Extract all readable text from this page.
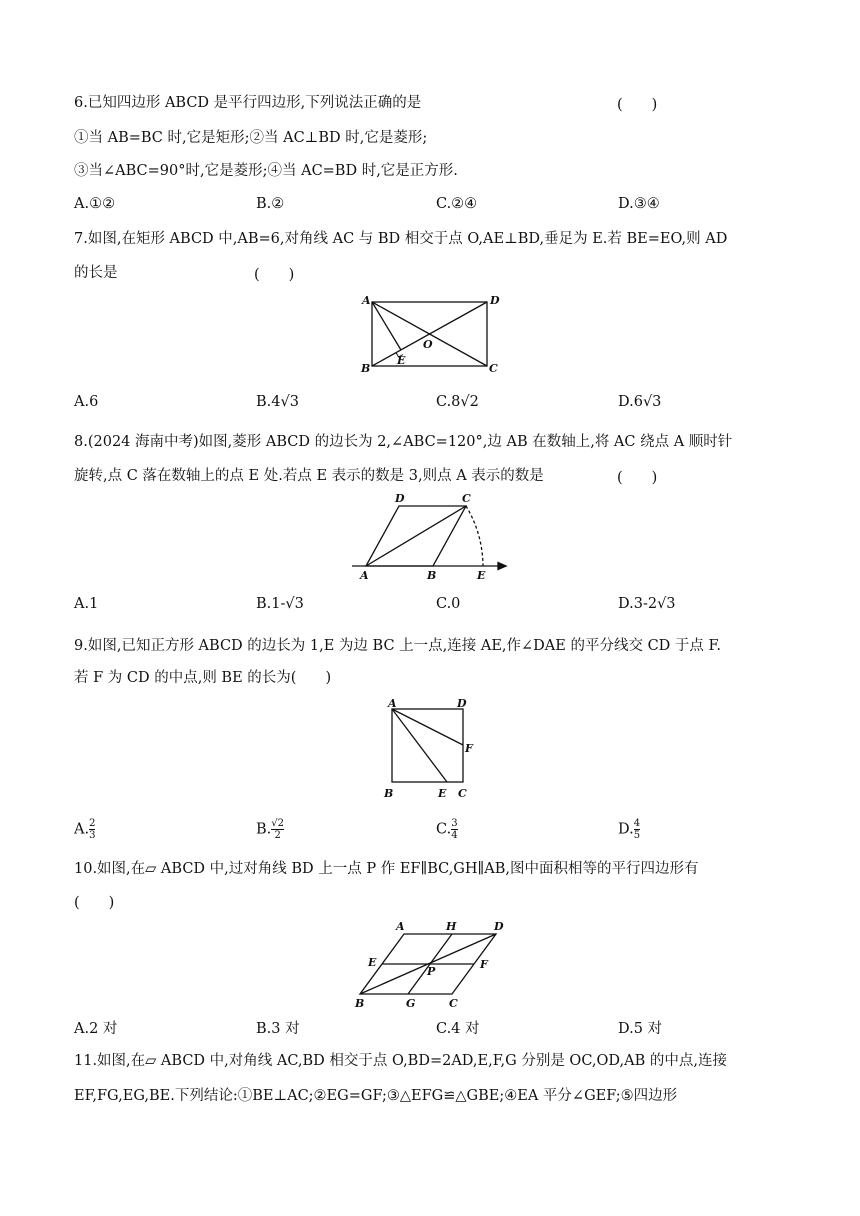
6.已知四边形 ABCD 是平行四边形,下列说法正确的是	(　　)
①当 AB=BC 时,它是矩形;②当 AC⊥BD 时,它是菱形;
③当∠ABC=90°时,它是菱形;④当 AC=BD 时,它是正方形.
A.①②	B.②	C.②④	D.③④
7.如图,在矩形 ABCD 中,AB=6,对角线 AC 与 BD 相交于点 O,AE⊥BD,垂足为 E.若 BE=EO,则 AD
的长是	(　　)
A	D
B
E
O
C
A.6	B.4√3	C.8√2	D.6√3
8.(2024 海南中考)如图,菱形 ABCD 的边长为 2,∠ABC=120°,边 AB 在数轴上,将 AC 绕点 A 顺时针
旋转,点 C 落在数轴上的点 E 处.若点 E 表示的数是 3,则点 A 表示的数是	(　　)
D	C
A	B	E
A.1	B.1-√3	C.0	D.3-2√3
9.如图,已知正方形 ABCD 的边长为 1,E 为边 BC 上一点,连接 AE,作∠DAE 的平分线交 CD 于点 F.
若 F 为 CD 的中点,则 BE 的长为(　　)
A	D
F
B	E C
A. $\frac{2}{3}$	B. $\frac{√2}{2}$	C. $\frac{3}{4}$	D. $\frac{4}{5}$
10.如图,在▱ ABCD 中,过对角线 BD 上一点 P 作 EF∥BC,GH∥AB,图中面积相等的平行四边形有
(　　)
A	H	D
E
P
F
B	G	C
A.2 对	B.3 对	C.4 对	D.5 对
11.如图,在▱ ABCD 中,对角线 AC,BD 相交于点 O,BD=2AD,E,F,G 分别是 OC,OD,AB 的中点,连接
EF,FG,EG,BE.下列结论:①BE⊥AC;②EG=GF;③△EFG≌△GBE;④EA 平分∠GEF;⑤四边形
